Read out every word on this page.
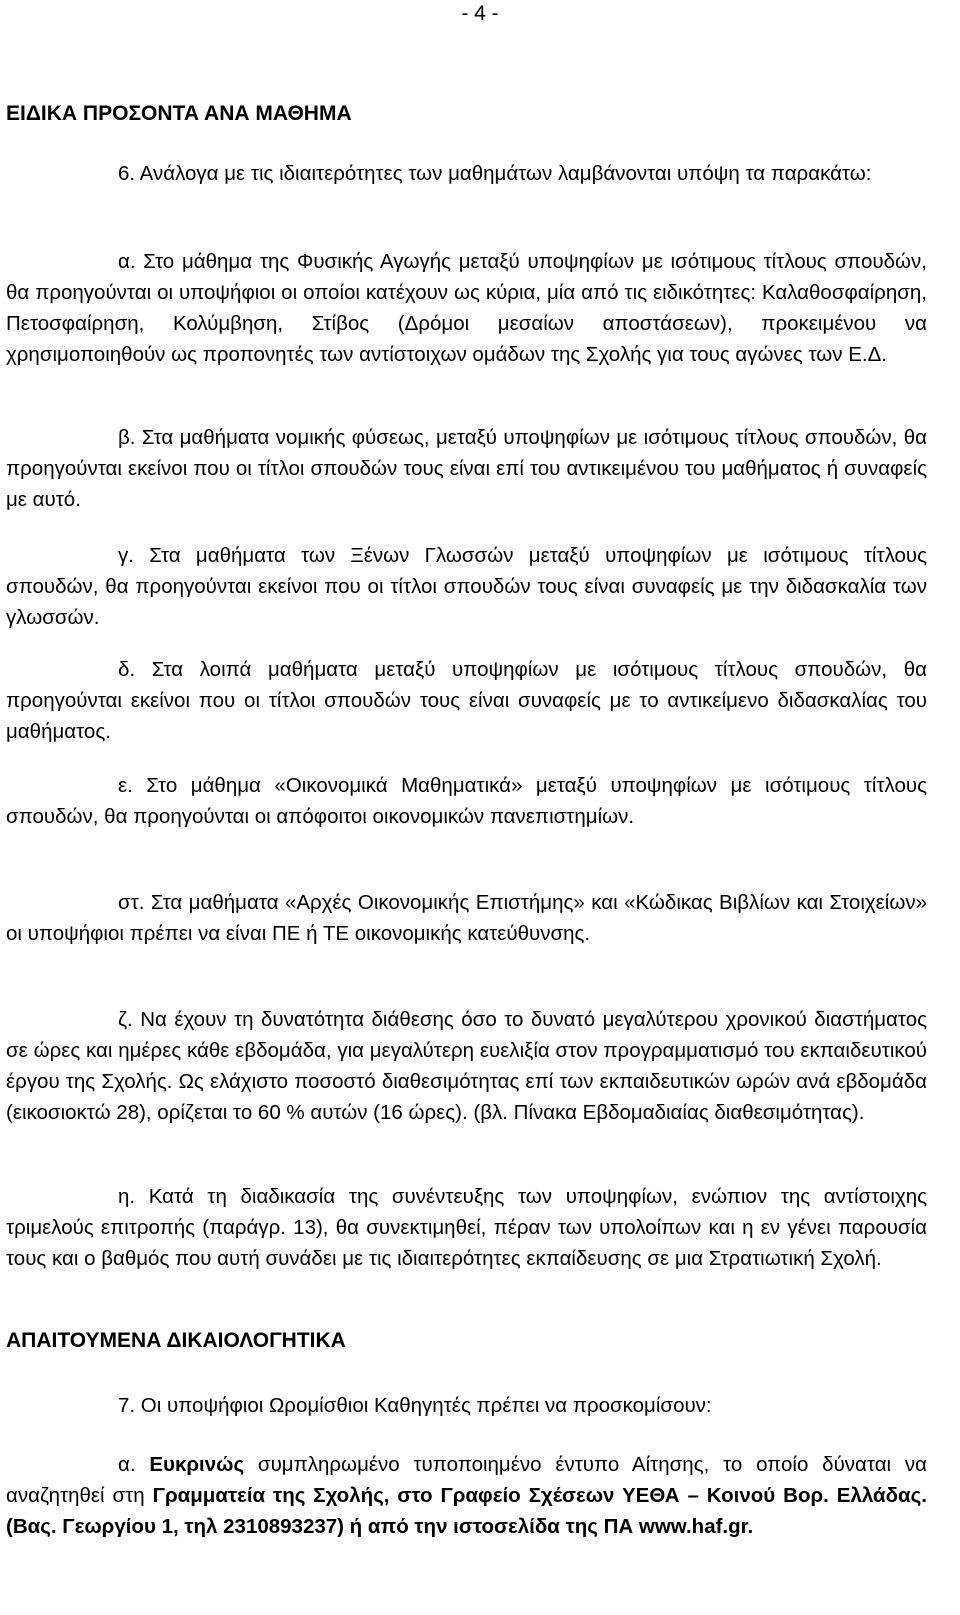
- 4 -
ΕΙΔΙΚΑ ΠΡΟΣΟΝΤΑ ΑΝΑ ΜΑΘΗΜΑ

6. Ανάλογα με τις ιδιαιτερότητες των μαθημάτων λαμβάνονται υπόψη τα παρακάτω:

α. Στο μάθημα της Φυσικής Αγωγής μεταξύ υποψηφίων με ισότιμους τίτλους σπουδών, θα προηγούνται οι υποψήφιοι οι οποίοι κατέχουν ως κύρια, μία από τις ειδικότητες: Καλαθοσφαίρηση, Πετοσφαίρηση, Κολύμβηση, Στίβος (Δρόμοι μεσαίων αποστάσεων), προκειμένου να χρησιμοποιηθούν ως προπονητές των αντίστοιχων ομάδων της Σχολής για τους αγώνες των Ε.Δ.

β. Στα μαθήματα νομικής φύσεως, μεταξύ υποψηφίων με ισότιμους τίτλους σπουδών, θα προηγούνται εκείνοι που οι τίτλοι σπουδών τους είναι επί του αντικειμένου του μαθήματος ή συναφείς με αυτό.

γ. Στα μαθήματα των Ξένων Γλωσσών μεταξύ υποψηφίων με ισότιμους τίτλους σπουδών, θα προηγούνται εκείνοι που οι τίτλοι σπουδών τους είναι συναφείς με την διδασκαλία των γλωσσών.

δ. Στα λοιπά μαθήματα μεταξύ υποψηφίων με ισότιμους τίτλους σπουδών, θα προηγούνται εκείνοι που οι τίτλοι σπουδών τους είναι συναφείς με το αντικείμενο διδασκαλίας του μαθήματος.

ε. Στο μάθημα «Οικονομικά Μαθηματικά» μεταξύ υποψηφίων με ισότιμους τίτλους σπουδών, θα προηγούνται οι απόφοιτοι οικονομικών πανεπιστημίων.

στ. Στα μαθήματα «Αρχές Οικονομικής Επιστήμης» και «Κώδικας Βιβλίων και Στοιχείων» οι υποψήφιοι πρέπει να είναι ΠΕ ή ΤΕ οικονομικής κατεύθυνσης.

ζ. Να έχουν τη δυνατότητα διάθεσης όσο το δυνατό μεγαλύτερου χρονικού διαστήματος σε ώρες και ημέρες κάθε εβδομάδα, για μεγαλύτερη ευελιξία στον προγραμματισμό του εκπαιδευτικού έργου της Σχολής. Ως ελάχιστο ποσοστό διαθεσιμότητας επί των εκπαιδευτικών ωρών ανά εβδομάδα (εικοσιοκτώ 28), ορίζεται το 60 % αυτών (16 ώρες). (βλ. Πίνακα Εβδομαδιαίας διαθεσιμότητας).

η. Κατά τη διαδικασία της συνέντευξης των υποψηφίων, ενώπιον της αντίστοιχης τριμελούς επιτροπής (παράγρ. 13), θα συνεκτιμηθεί, πέραν των υπολοίπων και η εν γένει παρουσία τους και ο βαθμός που αυτή συνάδει με τις ιδιαιτερότητες εκπαίδευσης σε μια Στρατιωτική Σχολή.

ΑΠΑΙΤΟΥΜΕΝΑ ΔΙΚΑΙΟΛΟΓΗΤΙΚΑ

7. Οι υποψήφιοι Ωρομίσθιοι Καθηγητές πρέπει να προσκομίσουν:

α. Ευκρινώς συμπληρωμένο τυποποιημένο έντυπο Αίτησης, το οποίο δύναται να αναζητηθεί στη Γραμματεία της Σχολής, στο Γραφείο Σχέσεων ΥΕΘΑ – Κοινού Βορ. Ελλάδας. (Βας. Γεωργίου 1, τηλ 2310893237) ή από την ιστοσελίδα της ΠΑ www.haf.gr.
